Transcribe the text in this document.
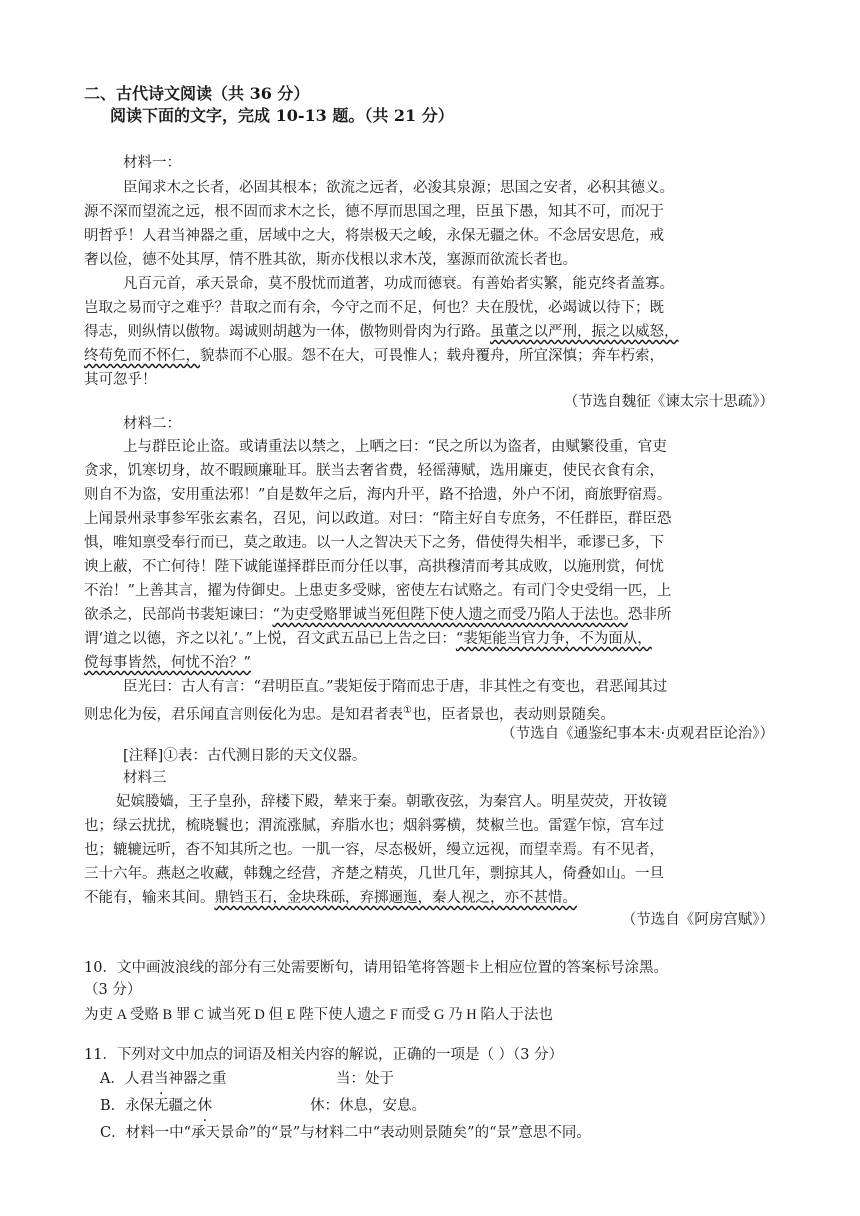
二、古代诗文阅读（共 36 分）
阅读下面的文字，完成 10-13 题。（共 21 分）
材料一：
臣闻求木之长者，必固其根本；欲流之远者，必浚其泉源；思国之安者，必积其德义。
源不深而望流之远，根不固而求木之长，德不厚而思国之理，臣虽下愚，知其不可，而况于
明哲乎！人君当神器之重，居域中之大，将崇极天之峻，永保无疆之休。不念居安思危，戒
奢以俭，德不处其厚，情不胜其欲，斯亦伐根以求木茂，塞源而欲流长者也。
凡百元首，承天景命，莫不殷忧而道著，功成而德衰。有善始者实繁，能克终者盖寡。
岂取之易而守之难乎？昔取之而有余，今守之而不足，何也？夫在殷忧，必竭诚以待下；既
得志，则纵情以傲物。竭诚则胡越为一体，傲物则骨肉为行路。虽董之以严刑，振之以威怒，
终苟免而不怀仁，貌恭而不心服。怨不在大，可畏惟人；载舟覆舟，所宜深慎；奔车朽索，
其可忽乎！
（节选自魏征《谏太宗十思疏》）
材料二：
上与群臣论止盗。或请重法以禁之，上哂之曰：“民之所以为盗者，由赋繁役重，官吏
贪求，饥寒切身，故不暇顾廉耻耳。朕当去奢省费，轻徭薄赋，选用廉吏，使民衣食有余，
则自不为盗，安用重法邪！”自是数年之后，海内升平，路不拾遗，外户不闭，商旅野宿焉。
上闻景州录事参军张玄素名，召见，问以政道。对曰：“隋主好自专庶务，不任群臣，群臣恐
惧，唯知禀受奉行而已，莫之敢违。以一人之智决天下之务，借使得失相半，乖谬已多，下
谀上蔽，不亡何待！陛下诚能谨择群臣而分任以事，高拱穆清而考其成败，以施刑赏，何忧
不治！”上善其言，擢为侍御史。上患吏多受赇，密使左右试赂之。有司门令史受绢一匹，上
欲杀之，民部尚书裴矩谏曰：“为吏受赂罪诚当死但陛下使人遗之而受乃陷人于法也。恐非所
谓‘道之以德，齐之以礼’。”上悦，召文武五品已上告之曰：“裴矩能当官力争，不为面从，
傥每事皆然，何忧不治？”
臣光曰：古人有言：“君明臣直。”裴矩佞于隋而忠于唐，非其性之有变也，君恶闻其过
则忠化为佞，君乐闻直言则佞化为忠。是知君者表①也，臣者景也，表动则景随矣。
（节选自《通鉴纪事本末·贞观君臣论治》）
[注释]①表：古代测日影的天文仪器。
材料三
妃嫔媵嫱，王子皇孙，辞楼下殿，辇来于秦。朝歌夜弦，为秦宫人。明星荧荧，开妆镜
也；绿云扰扰，梳晓鬟也；渭流涨腻，弃脂水也；烟斜雾横，焚椒兰也。雷霆乍惊，宫车过
也；辘辘远听，杳不知其所之也。一肌一容，尽态极妍，缦立远视，而望幸焉。有不见者，
三十六年。燕赵之收藏，韩魏之经营，齐楚之精英，几世几年，剽掠其人，倚叠如山。一旦
不能有，输来其间。鼎铛玉石，金块珠砾，弃掷逦迤，秦人视之，亦不甚惜。
（节选自《阿房宫赋》）
10．文中画波浪线的部分有三处需要断句，请用铅笔将答题卡上相应位置的答案标号涂黑。
（3 分）
为吏 A 受赂 B 罪 C 诚当死 D 但 E 陛下使人遗之 F 而受 G 乃 H 陷人于法也
11．下列对文中加点的词语及相关内容的解说，正确的一项是（ ）（3 分）
A．人君当神器之重	当：处于
B．永保无疆之休	休：休息，安息。
C．材料一中“承天景命”的“景”与材料二中“表动则景随矣”的“景”意思不同。
